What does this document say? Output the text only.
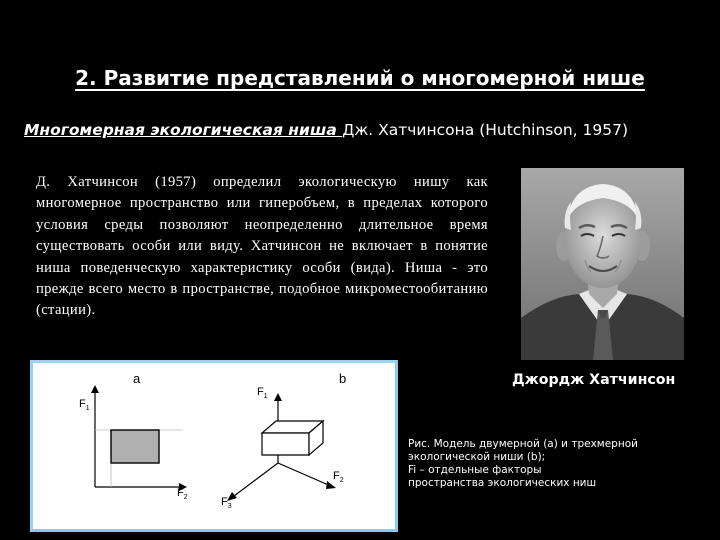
2. Развитие представлений о многомерной нише
Многомерная экологическая ниша Дж. Хатчинсона (Hutchinson, 1957)
Д. Хатчинсон (1957) определил экологическую нишу как многомерное пространство или гиперобъем, в пределах которого условия среды позволяют неопределенно длительное время существовать особи или виду. Хатчинсон не включает в понятие ниша поведенческую характеристику особи (вида). Ниша - это прежде всего место в пространстве, подобное микроместообитанию (стации).
Джордж Хатчинсон
a	b
$F_1$
$F_2$
$F_1$
$F_2$
$F_3$
Рис. Модель двумерной (a) и трехмерной
экологической ниши (b);
Fi – отдельные факторы
пространства экологических ниш
